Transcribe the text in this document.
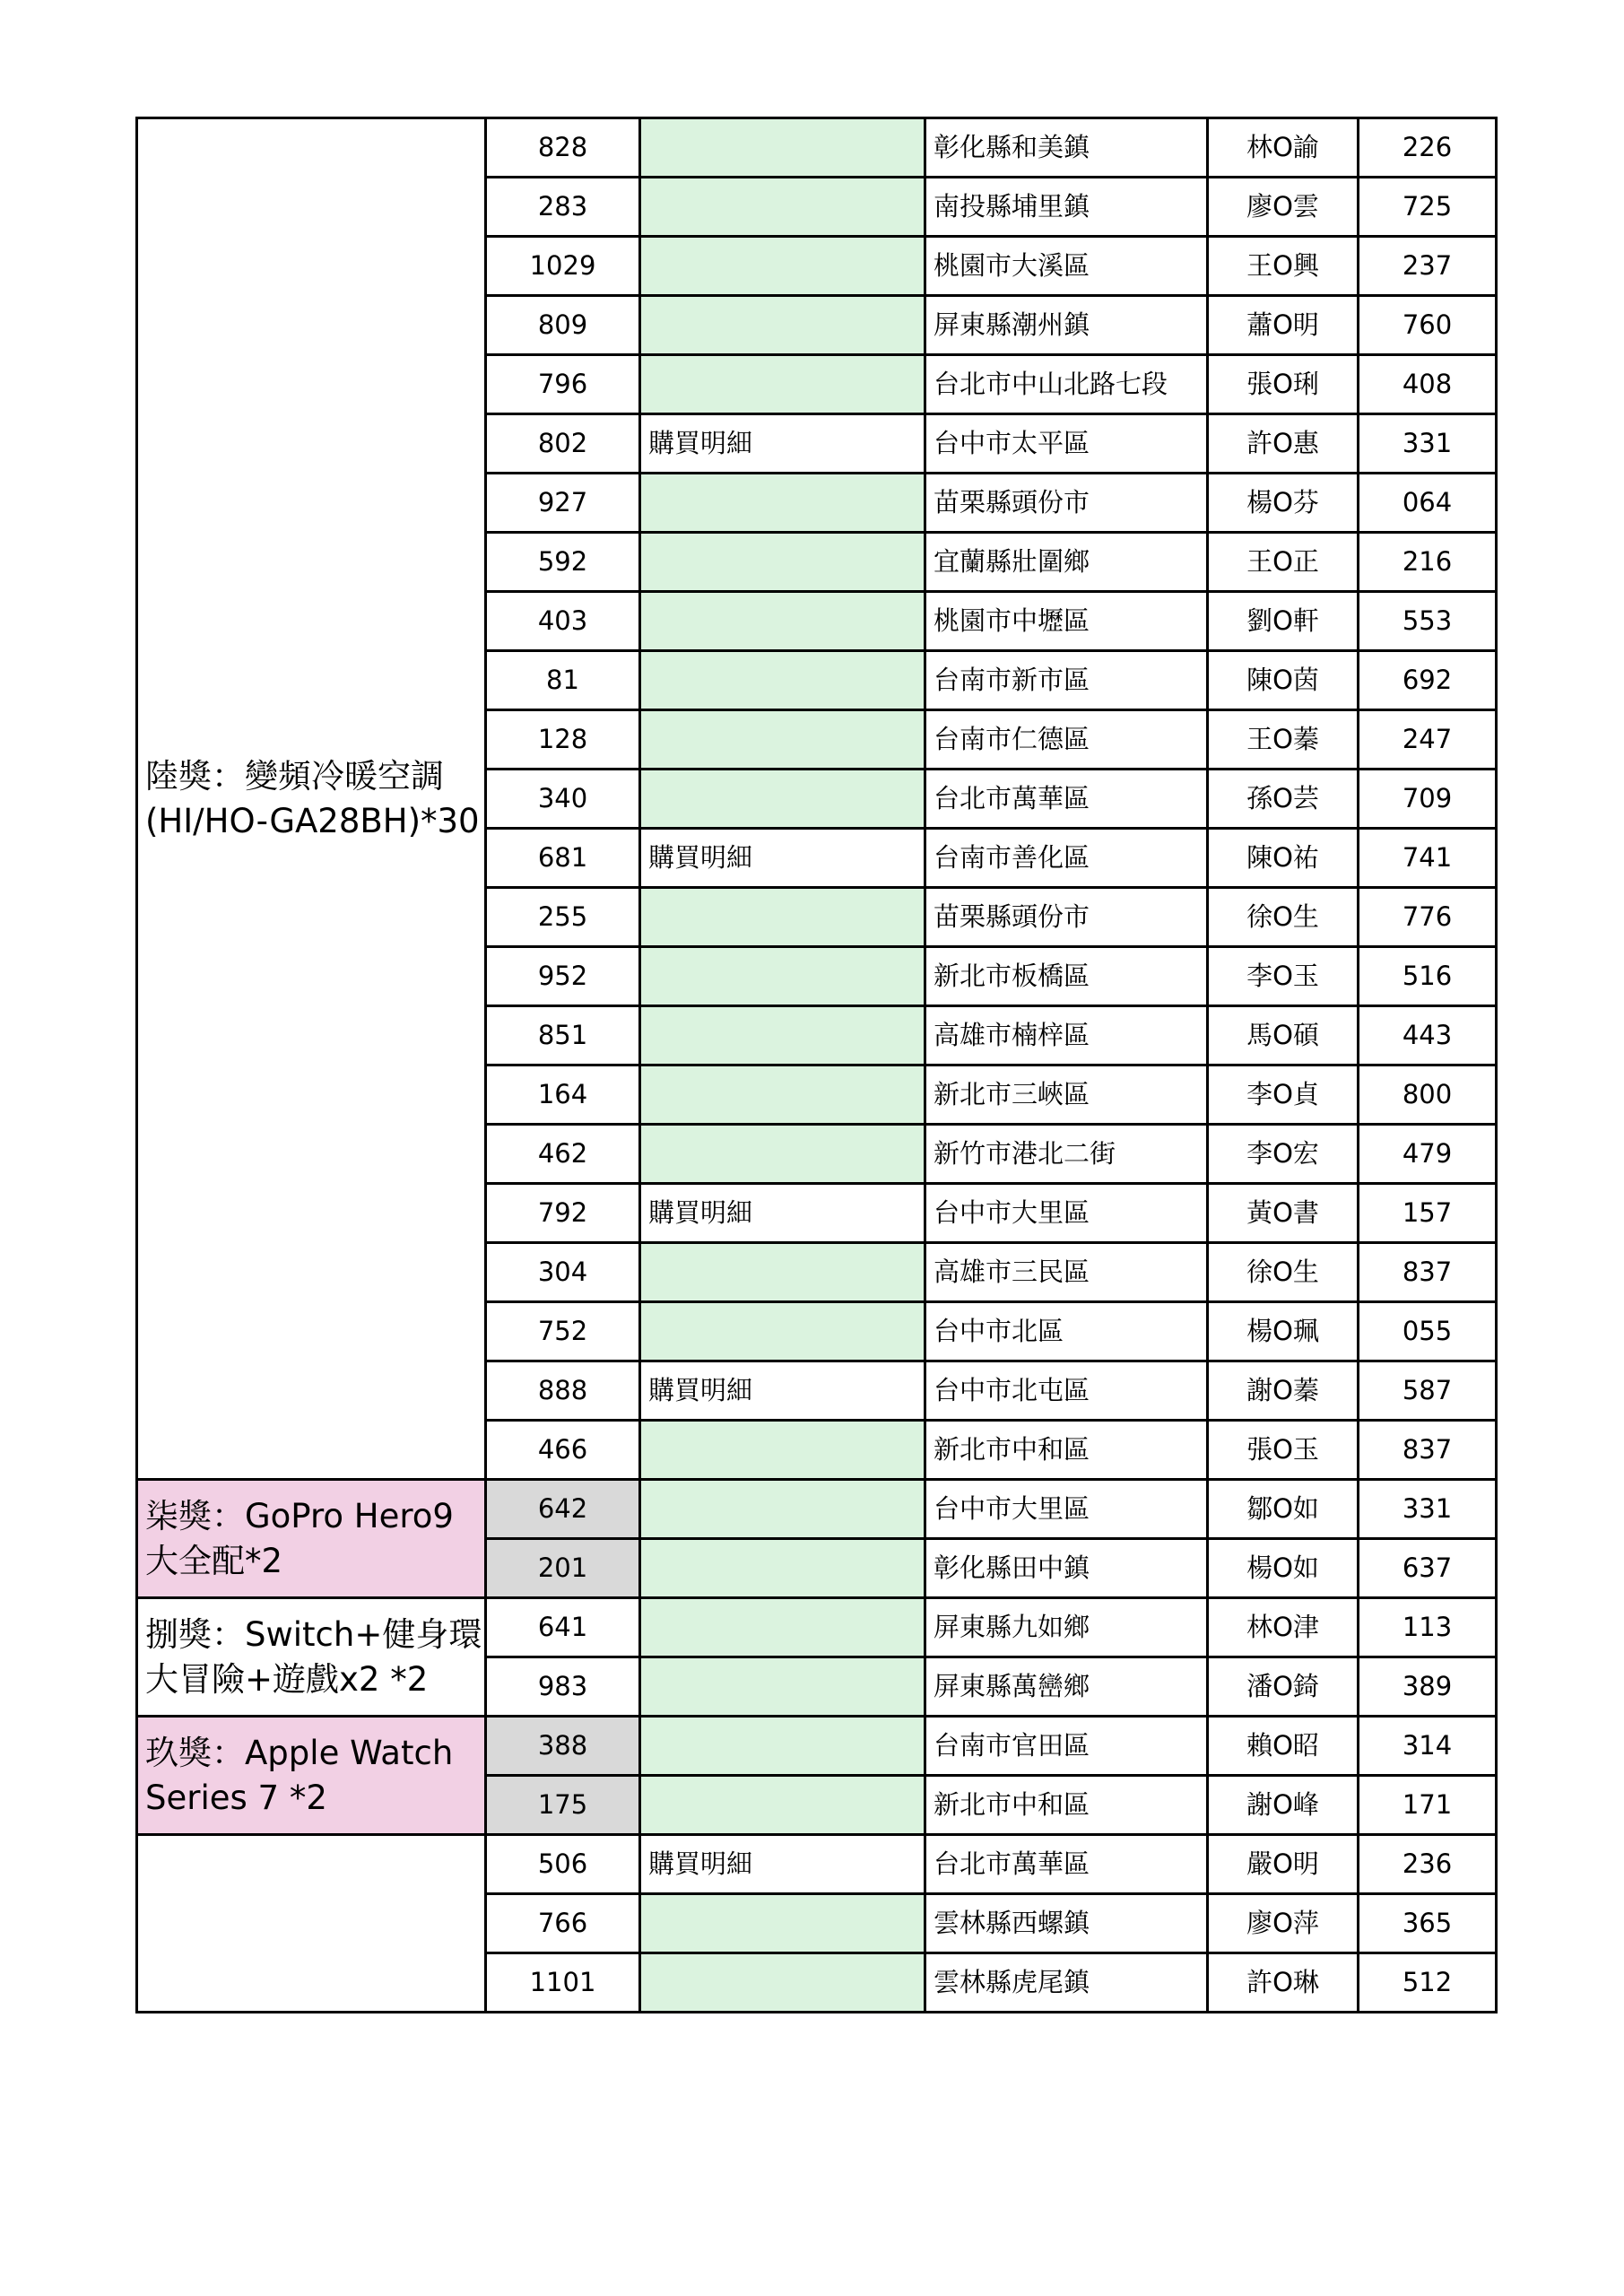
陸獎：變頻冷暖空調(HI/HO-GA28BH)*30	828		彰化縣和美鎮	林O諭	226
	283		南投縣埔里鎮	廖O雲	725
	1029		桃園市大溪區	王O興	237
	809		屏東縣潮州鎮	蕭O明	760
	796		台北市中山北路七段	張O琍	408
	802	購買明細	台中市太平區	許O惠	331
	927		苗栗縣頭份市	楊O芬	064
	592		宜蘭縣壯圍鄉	王O正	216
	403		桃園市中壢區	劉O軒	553
	81		台南市新市區	陳O茵	692
	128		台南市仁德區	王O蓁	247
	340		台北市萬華區	孫O芸	709
	681	購買明細	台南市善化區	陳O祐	741
	255		苗栗縣頭份市	徐O生	776
	952		新北市板橋區	李O玉	516
	851		高雄市楠梓區	馬O碩	443
	164		新北市三峽區	李O貞	800
	462		新竹市港北二街	李O宏	479
	792	購買明細	台中市大里區	黃O書	157
	304		高雄市三民區	徐O生	837
	752		台中市北區	楊O珮	055
	888	購買明細	台中市北屯區	謝O蓁	587
	466		新北市中和區	張O玉	837
柒獎：GoPro Hero9大全配*2	642		台中市大里區	鄒O如	331
	201		彰化縣田中鎮	楊O如	637
捌獎：Switch+健身環大冒險+遊戲x2 *2	641		屏東縣九如鄉	林O津	113
	983		屏東縣萬巒鄉	潘O錡	389
玖獎：Apple Watch Series 7 *2	388		台南市官田區	賴O昭	314
	175		新北市中和區	謝O峰	171
	506	購買明細	台北市萬華區	嚴O明	236
	766		雲林縣西螺鎮	廖O萍	365
	1101		雲林縣虎尾鎮	許O琳	512
